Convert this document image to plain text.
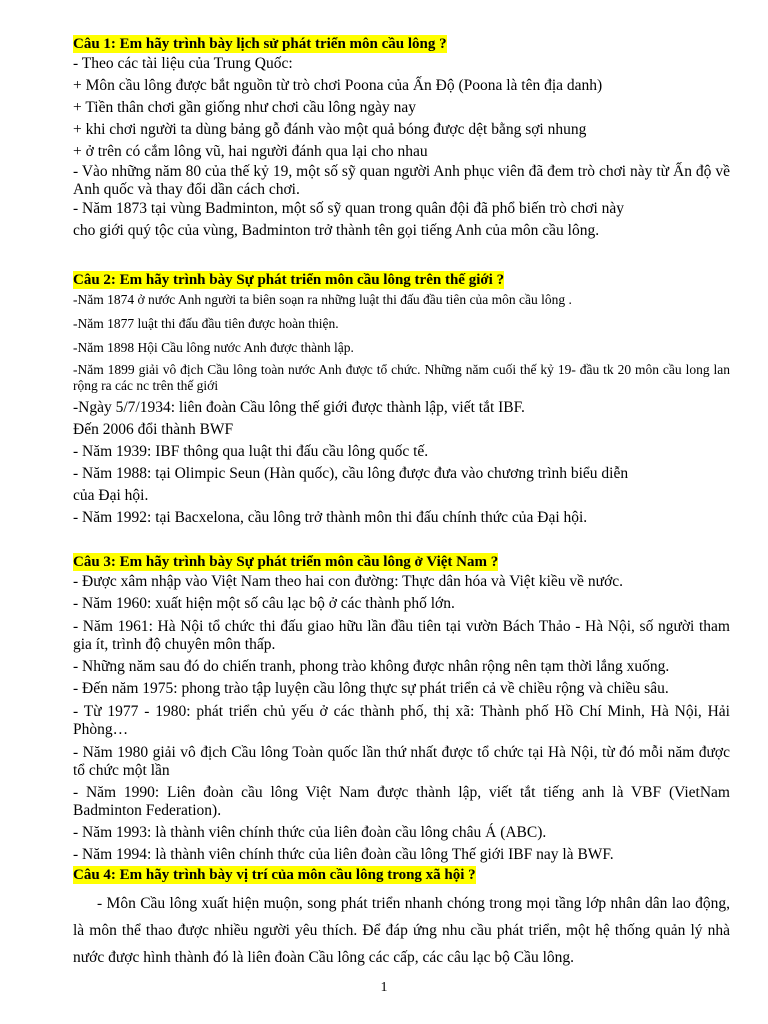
Câu 1: Em hãy trình bày lịch sử phát triển môn cầu lông ?
- Theo các tài liệu của Trung Quốc:
+ Môn cầu lông được bắt nguồn từ trò chơi Poona của Ấn Độ (Poona là tên địa danh)
+ Tiền thân chơi gần giống như chơi cầu lông ngày nay
+ khi chơi người ta dùng bảng gỗ đánh vào một quả bóng được dệt bằng sợi nhung
+ ở trên có cắm lông vũ, hai người đánh qua lại cho nhau
- Vào những năm 80 của thế kỷ 19, một số sỹ quan người Anh phục viên đã đem trò chơi này từ Ấn độ về Anh quốc và thay đổi dần cách chơi.
- Năm 1873 tại vùng Badminton, một số sỹ quan trong quân đội đã phổ biến trò chơi này
cho giới quý tộc của vùng, Badminton trở thành tên gọi tiếng Anh của môn cầu lông.
Câu 2: Em hãy trình bày Sự phát triển môn cầu lông trên thế giới ?
-Năm 1874 ở nước Anh người ta biên soạn ra những luật thi đấu đầu tiên của môn cầu lông .
-Năm 1877 luật thi đấu đầu tiên được hoàn thiện.
-Năm 1898 Hội Cầu lông nước Anh được thành lập.
-Năm 1899 giải vô địch Cầu lông toàn nước Anh được tổ chức. Những năm cuối thế kỷ 19- đầu tk 20 môn cầu long lan rộng ra các nc trên thế giới
-Ngày 5/7/1934: liên đoàn Cầu lông thế giới được thành lập, viết tắt IBF.
Đến 2006 đổi thành BWF
- Năm 1939: IBF thông qua luật thi đấu cầu lông quốc tế.
- Năm 1988: tại Olimpic Seun (Hàn quốc), cầu lông được đưa vào chương trình biểu diễn
của Đại hội.
- Năm 1992: tại Bacxelona, cầu lông trở thành môn thi đấu chính thức của Đại hội.
Câu 3: Em hãy trình bày Sự phát triển môn cầu lông ở Việt Nam ?
- Được xâm nhập vào Việt Nam theo hai con đường: Thực dân hóa và Việt kiều về nước.
- Năm 1960: xuất hiện một số câu lạc bộ ở các thành phố lớn.
- Năm 1961: Hà Nội tổ chức thi đấu giao hữu lần đầu tiên tại vườn Bách Thảo - Hà Nội, số người tham gia ít, trình độ chuyên môn thấp.
- Những năm sau đó do chiến tranh, phong trào không được nhân rộng nên tạm thời lắng xuống.
- Đến năm 1975: phong trào tập luyện cầu lông thực sự phát triển cả về chiều rộng và chiều sâu.
- Từ 1977 - 1980: phát triển chủ yếu ở các thành phố, thị xã: Thành phố Hồ Chí Minh, Hà Nội, Hải Phòng…
- Năm 1980 giải vô địch Cầu lông Toàn quốc lần thứ nhất được tổ chức tại Hà Nội, từ đó mỗi năm được tổ chức một lần
- Năm 1990: Liên đoàn cầu lông Việt Nam được thành lập, viết tắt tiếng anh là VBF (VietNam Badminton Federation).
- Năm 1993: là thành viên chính thức của liên đoàn cầu lông châu Á (ABC).
- Năm 1994: là thành viên chính thức của liên đoàn cầu lông Thế giới IBF nay là BWF.
Câu 4: Em hãy trình bày vị trí của môn cầu lông trong xã hội ?
- Môn Cầu lông xuất hiện muộn, song phát triển nhanh chóng trong mọi tầng lớp nhân dân lao động, là môn thể thao được nhiều người yêu thích. Để đáp ứng nhu cầu phát triển, một hệ thống quản lý nhà nước được hình thành đó là liên đoàn Cầu lông các cấp, các câu lạc bộ Cầu lông.
1
